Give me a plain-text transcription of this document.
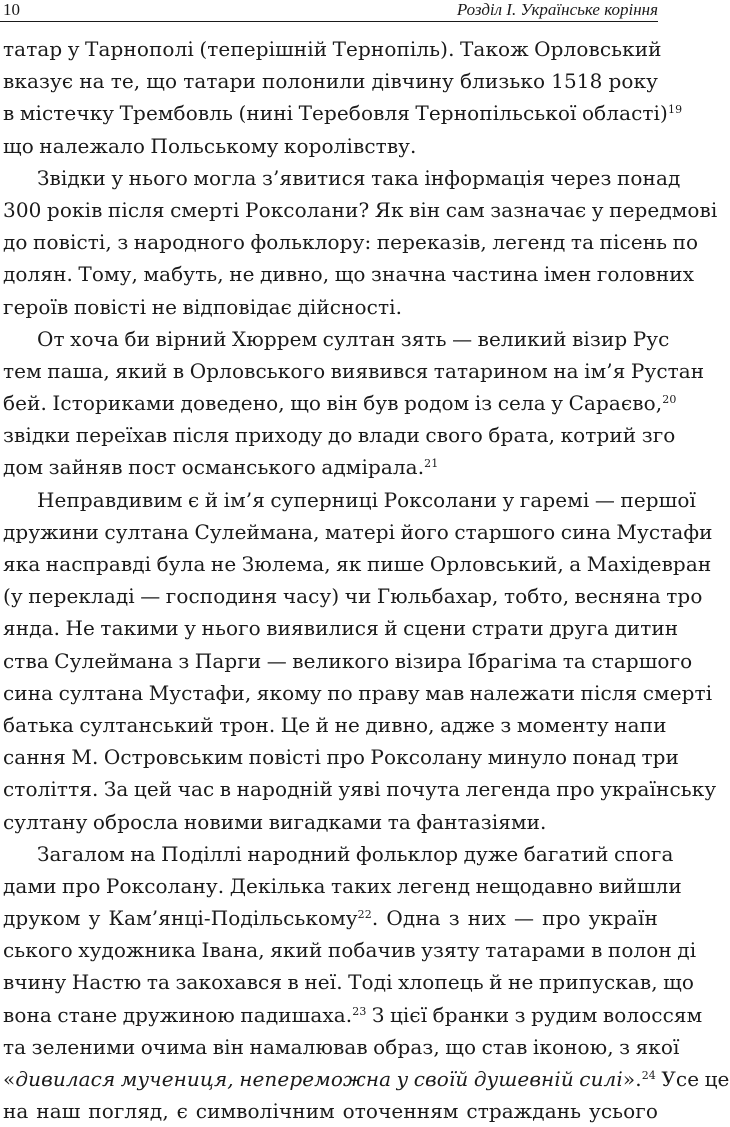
10	Розділ І. Українське коріння
татар у Тарнополі (теперішній Тернопіль). Також Орловський
вказує на те, що татари полонили дівчину близько 1518 року
в містечку Трембовль (нині Теребовля Тернопільської області)$^{19}$
що належало Польському королівству.
Звідки у нього могла з’явитися така інформація через понад
300 років після смерті Роксолани? Як він сам зазначає у передмові
до повісті, з народного фольклору: переказів, легенд та пісень по
долян. Тому, мабуть, не дивно, що значна частина імен головних
героїв повісті не відповідає дійсності.
От хоча би вірний Хюррем султан зять — великий візир Рус
тем паша, який в Орловського виявився татарином на ім’я Рустан
бей. Істориками доведено, що він був родом із села у Сараєво,$^{20}$
звідки переїхав після приходу до влади свого брата, котрий зго
дом зайняв пост османського адмірала.$^{21}$
Неправдивим є й ім’я суперниці Роксолани у гаремі — першої
дружини султана Сулеймана, матері його старшого сина Мустафи
яка насправді була не Зюлема, як пише Орловський, а Махідевран
(у перекладі — господиня часу) чи Гюльбахар, тобто, весняна тро
янда. Не такими у нього виявилися й сцени страти друга дитин
ства Сулеймана з Парги — великого візира Ібрагіма та старшого
сина султана Мустафи, якому по праву мав належати після смерті
батька султанський трон. Це й не дивно, адже з моменту напи
сання М. Островським повісті про Роксолану минуло понад три
століття. За цей час в народній уяві почута легенда про українську
султану обросла новими вигадками та фантазіями.
Загалом на Поділлі народний фольклор дуже багатий спога
дами про Роксолану. Декілька таких легенд нещодавно вийшли
друком у Кам’янці-Подільському$^{22}$. Одна з них — про україн
ського художника Івана, який побачив узяту татарами в полон ді
вчину Настю та закохався в неї. Тоді хлопець й не припускав, що
вона стане дружиною падишаха.$^{23}$ З цієї бранки з рудим волоссям
та зеленими очима він намалював образ, що став іконою, з якої
«дивилася мучениця, непереможна у своїй душевній силі».$^{24}$ Усе це
на наш погляд, є символічним оточенням страждань усього
